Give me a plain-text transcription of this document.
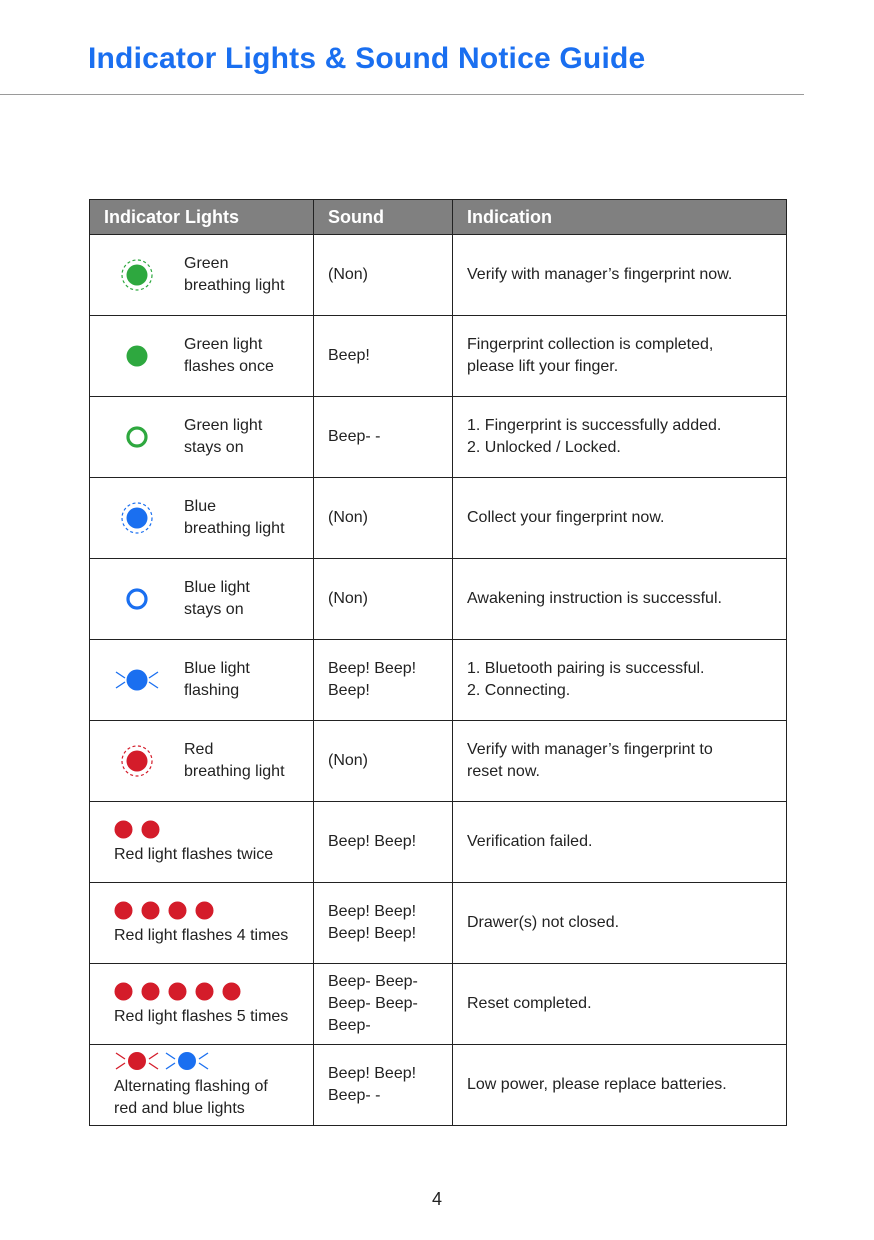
Indicator Lights & Sound Notice Guide
Indicator Lights	Sound	Indication

Green
breathing light	(Non)	Verify with manager’s fingerprint now.

Green light
flashes once	Beep!	Fingerprint collection is completed,
please lift your finger.

Green light
stays on	Beep- -	1. Fingerprint is successfully added.
2. Unlocked / Locked.

Blue
breathing light	(Non)	Collect your fingerprint now.

Blue light
stays on	(Non)	Awakening instruction is successful.

Blue light
flashing	Beep! Beep!
Beep!	1. Bluetooth pairing is successful.
2. Connecting.

Red
breathing light	(Non)	Verify with manager’s fingerprint to
reset now.

Red light flashes twice	Beep! Beep!	Verification failed.

Red light flashes 4 times	Beep! Beep!
Beep! Beep!	Drawer(s) not closed.

Red light flashes 5 times	Beep- Beep-
Beep- Beep-
Beep-	Reset completed.

Alternating flashing of
red and blue lights	Beep! Beep!
Beep- -	Low power, please replace batteries.
4
